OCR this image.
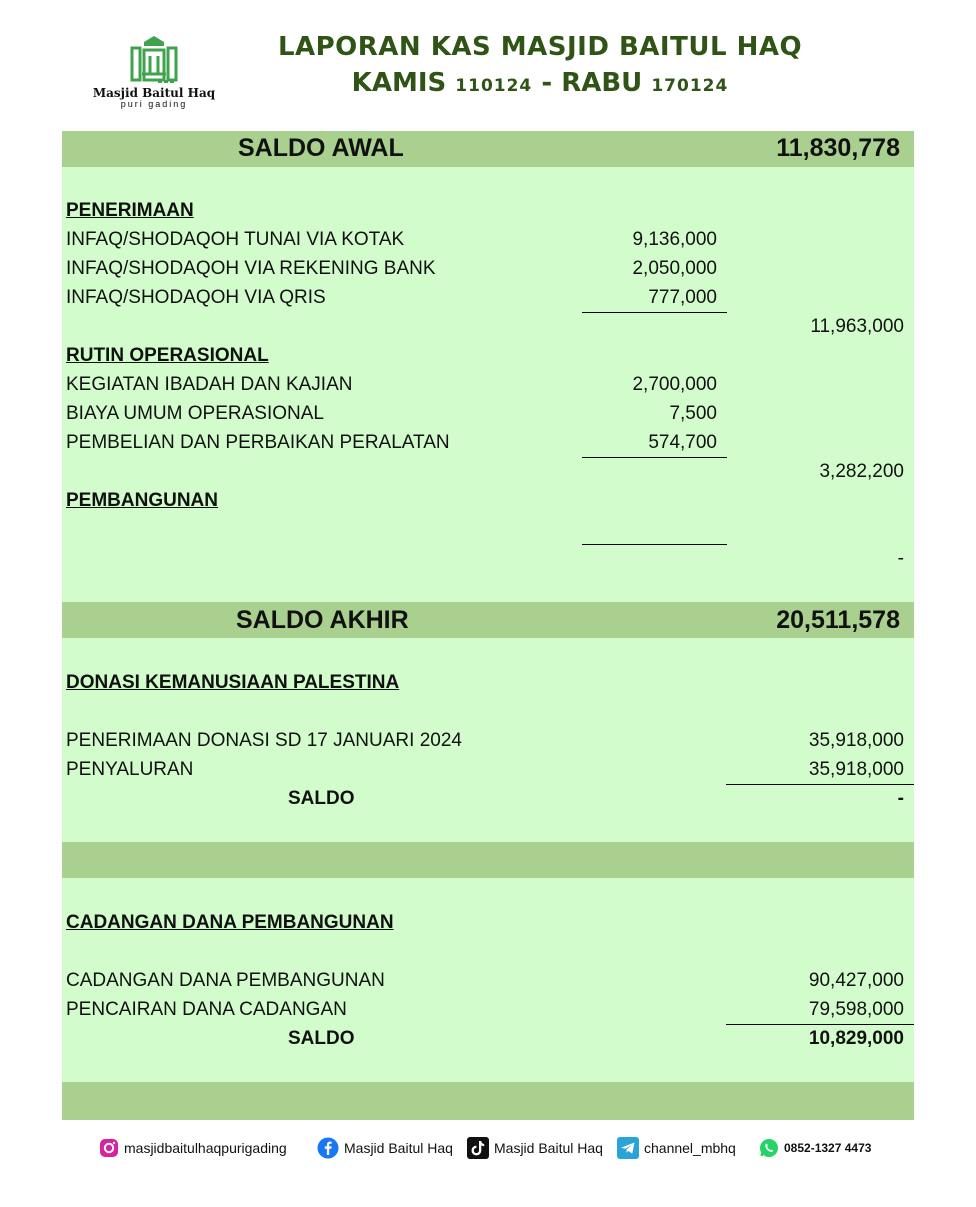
Masjid Baitul Haq
puri gading
LAPORAN KAS MASJID BAITUL HAQ
KAMIS 110124 - RABU 170124
SALDO AWAL	11,830,778
PENERIMAAN
INFAQ/SHODAQOH TUNAI VIA KOTAK	9,136,000
INFAQ/SHODAQOH VIA REKENING BANK	2,050,000
INFAQ/SHODAQOH VIA QRIS	777,000
11,963,000
RUTIN OPERASIONAL
KEGIATAN IBADAH DAN KAJIAN	2,700,000
BIAYA UMUM OPERASIONAL	7,500
PEMBELIAN DAN PERBAIKAN PERALATAN	574,700
3,282,200
PEMBANGUNAN
-
SALDO AKHIR	20,511,578
DONASI KEMANUSIAAN PALESTINA
PENERIMAAN DONASI SD 17 JANUARI 2024	35,918,000
PENYALURAN	35,918,000
SALDO	-
CADANGAN DANA PEMBANGUNAN
CADANGAN DANA PEMBANGUNAN	90,427,000
PENCAIRAN DANA CADANGAN	79,598,000
SALDO	10,829,000
masjidbaitulhaqpurigading	Masjid Baitul Haq	Masjid Baitul Haq	channel_mbhq	0852-1327 4473
